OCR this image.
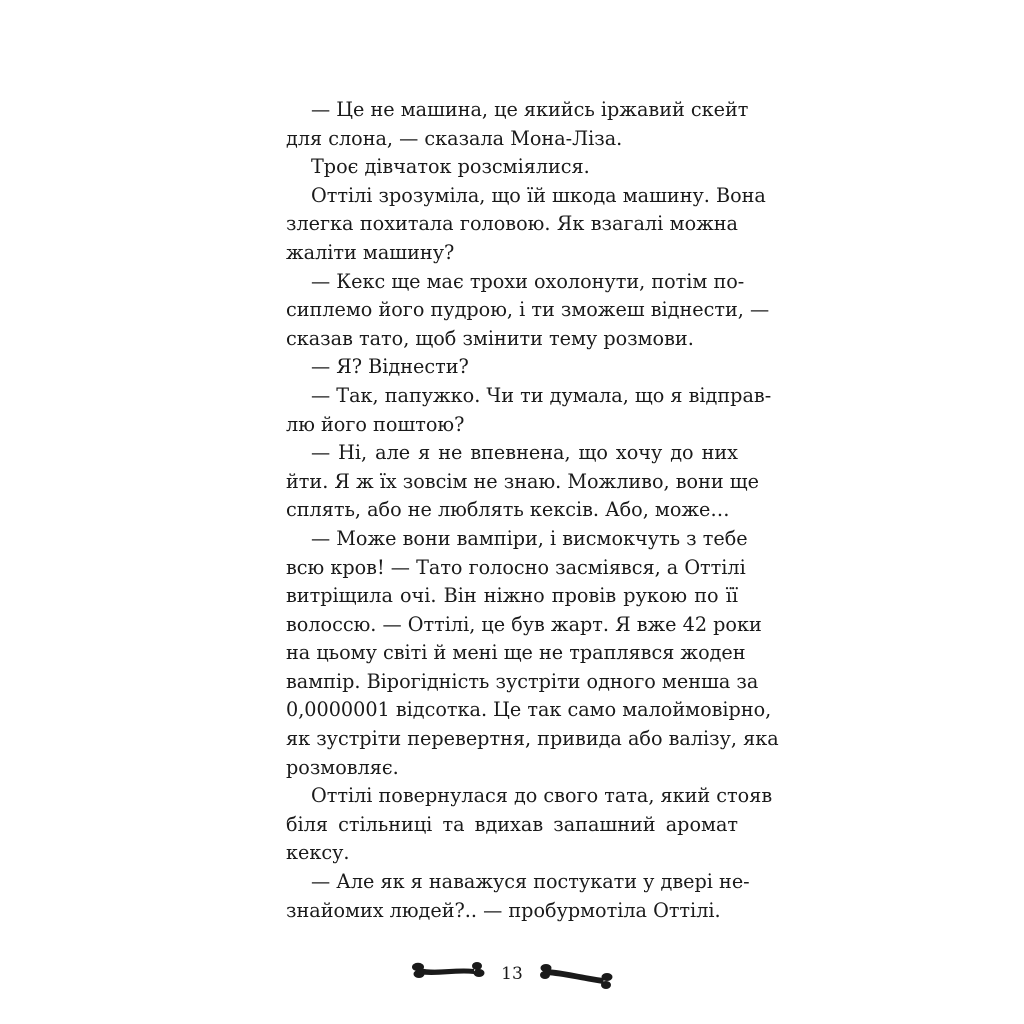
— Це не машина, це якийсь іржавий скейт
для слона, — сказала Мона-Ліза.
Троє дівчаток розсміялися.
Оттілі зрозуміла, що їй шкода машину. Вона
злегка похитала головою. Як взагалі можна
жаліти машину?
— Кекс ще має трохи охолонути, потім по-
сиплемо його пудрою, і ти зможеш віднести, —
сказав тато, щоб змінити тему розмови.
— Я? Віднести?
— Так, папужко. Чи ти думала, що я відправ-
лю його поштою?
— Ні, але я не впевнена, що хочу до них
йти. Я ж їх зовсім не знаю. Можливо, вони ще
сплять, або не люблять кексів. Або, може…
— Може вони вампіри, і висмокчуть з тебе
всю кров! — Тато голосно засміявся, а Оттілі
витріщила очі. Він ніжно провів рукою по її
волоссю. — Оттілі, це був жарт. Я вже 42 роки
на цьому світі й мені ще не траплявся жоден
вампір. Вірогідність зустріти одного менша за
0,0000001 відсотка. Це так само малоймовірно,
як зустріти перевертня, привида або валізу, яка
розмовляє.
Оттілі повернулася до свого тата, який стояв
біля стільниці та вдихав запашний аромат
кексу.
— Але як я наважуся постукати у двері не-
знайомих людей?.. — пробурмотіла Оттілі.
13
